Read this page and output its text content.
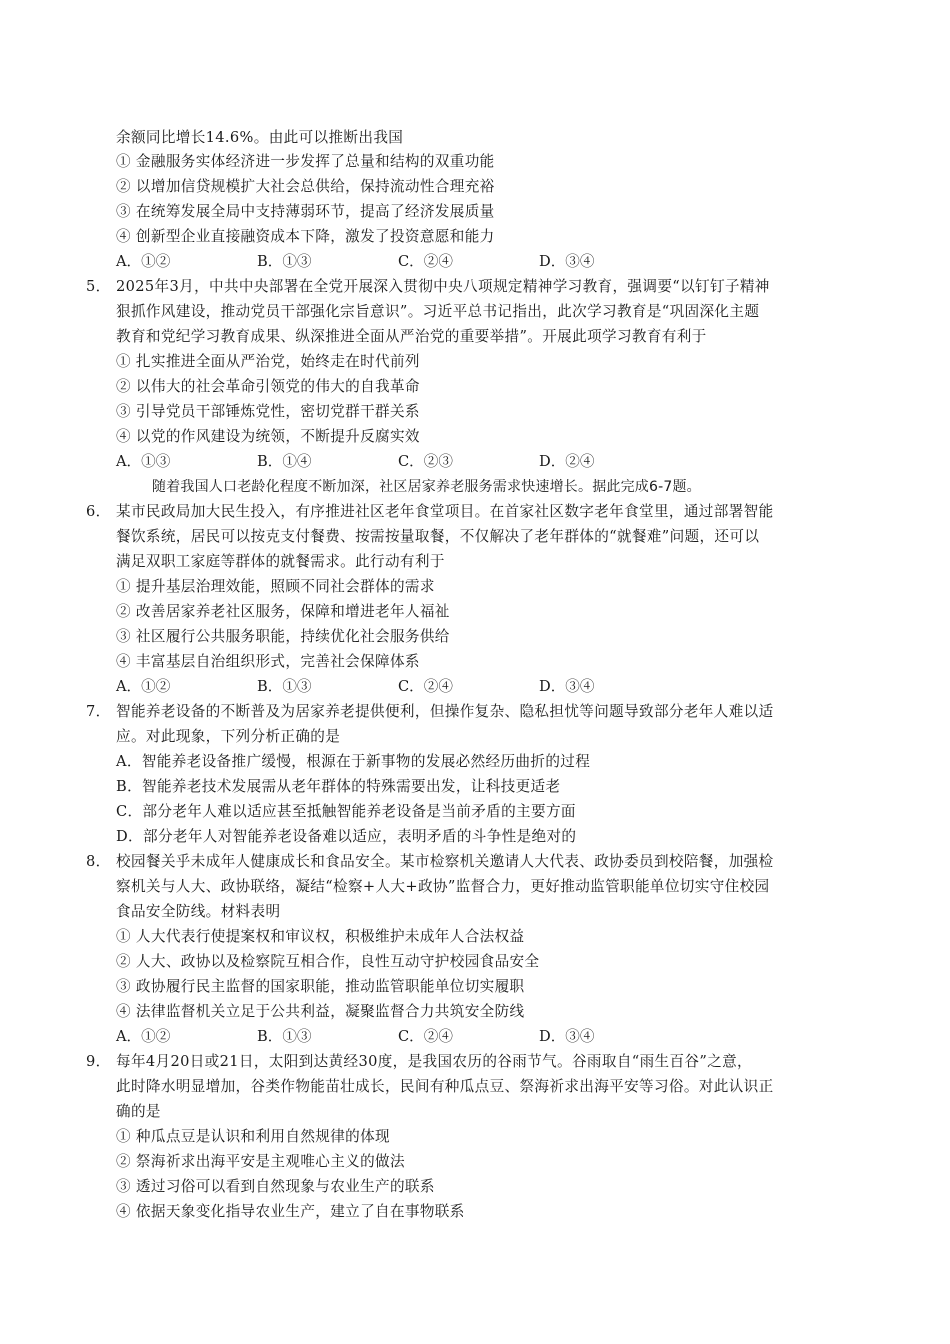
余额同比增长14.6%。由此可以推断出我国
① 金融服务实体经济进一步发挥了总量和结构的双重功能
② 以增加信贷规模扩大社会总供给，保持流动性合理充裕
③ 在统筹发展全局中支持薄弱环节，提高了经济发展质量
④ 创新型企业直接融资成本下降，激发了投资意愿和能力
A．①②	B．①③	C．②④	D．③④
5． 2025年3月，中共中央部署在全党开展深入贯彻中央八项规定精神学习教育，强调要“以钉钉子精神
狠抓作风建设，推动党员干部强化宗旨意识”。习近平总书记指出，此次学习教育是“巩固深化主题
教育和党纪学习教育成果、纵深推进全面从严治党的重要举措”。开展此项学习教育有利于
① 扎实推进全面从严治党，始终走在时代前列
② 以伟大的社会革命引领党的伟大的自我革命
③ 引导党员干部锤炼党性，密切党群干群关系
④ 以党的作风建设为统领，不断提升反腐实效
A．①③	B．①④	C．②③	D．②④
随着我国人口老龄化程度不断加深，社区居家养老服务需求快速增长。据此完成6-7题。
6． 某市民政局加大民生投入，有序推进社区老年食堂项目。在首家社区数字老年食堂里，通过部署智能
餐饮系统，居民可以按克支付餐费、按需按量取餐，不仅解决了老年群体的“就餐难”问题，还可以
满足双职工家庭等群体的就餐需求。此行动有利于
① 提升基层治理效能，照顾不同社会群体的需求
② 改善居家养老社区服务，保障和增进老年人福祉
③ 社区履行公共服务职能，持续优化社会服务供给
④ 丰富基层自治组织形式，完善社会保障体系
A．①②	B．①③	C．②④	D．③④
7． 智能养老设备的不断普及为居家养老提供便利，但操作复杂、隐私担忧等问题导致部分老年人难以适
应。对此现象，下列分析正确的是
A．智能养老设备推广缓慢，根源在于新事物的发展必然经历曲折的过程
B．智能养老技术发展需从老年群体的特殊需要出发，让科技更适老
C．部分老年人难以适应甚至抵触智能养老设备是当前矛盾的主要方面
D．部分老年人对智能养老设备难以适应，表明矛盾的斗争性是绝对的
8． 校园餐关乎未成年人健康成长和食品安全。某市检察机关邀请人大代表、政协委员到校陪餐，加强检
察机关与人大、政协联络，凝结“检察+人大+政协”监督合力，更好推动监管职能单位切实守住校园
食品安全防线。材料表明
① 人大代表行使提案权和审议权，积极维护未成年人合法权益
② 人大、政协以及检察院互相合作，良性互动守护校园食品安全
③ 政协履行民主监督的国家职能，推动监管职能单位切实履职
④ 法律监督机关立足于公共利益，凝聚监督合力共筑安全防线
A．①②	B．①③	C．②④	D．③④
9． 每年4月20日或21日，太阳到达黄经30度，是我国农历的谷雨节气。谷雨取自“雨生百谷”之意，
此时降水明显增加，谷类作物能苗壮成长，民间有种瓜点豆、祭海祈求出海平安等习俗。对此认识正
确的是
① 种瓜点豆是认识和利用自然规律的体现
② 祭海祈求出海平安是主观唯心主义的做法
③ 透过习俗可以看到自然现象与农业生产的联系
④ 依据天象变化指导农业生产，建立了自在事物联系
